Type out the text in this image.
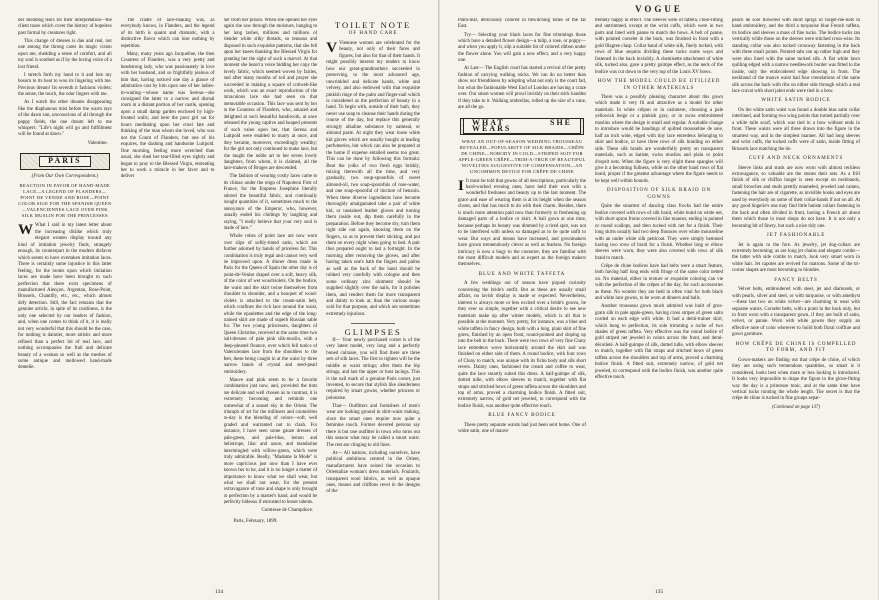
der shedding tears for their interpretation—the client taxes which cover the history of hopeless past formal by creatures right.

This change of dresses is due and real, not one among the throng cares its magic vision upon me, shedding a sense of comfort, and all my soul is soothed as if by the loving voice of a lost friend.

I stretch forth my hand to it and lure my bosom to its heat to woo its lingering with me. Precious dream! Its seventh it fashions violets; the sense, the touch, the odor lingers with me.

As I watch the other dreams disappearing like the diaphanous mist before the warm rays of the dawn sun, unconscious of all through the poppy fields, the one dream left to me whispers: "Life's night will go and fulfillment will be found at dawn."

Valentine.
PARIS
(From Our Own Correspondent.)
REACTION IN FAVOR OF HAND-MADE LACE—A LEGEND OF FLANDERS—POINT DE VENISE AND ROSE—POINT COLOR SIGE FOR THE SPANISH QUEEN—VALENCIENNES LACE OVER PINK SILK MUSLIN FOR THE PRINCESSES

W What I said in my latest letter about the increasing dislike which truly elegant women display toward any kind of imitation jewelry finds, strangely enough, its counterpart in the modern disfavor which seems to have overtaken imitation laces. There is certainly some injustice in this latter feeling, for the looms upon which imitation laces are made have been brought to such perfection that there exist specimens of manufactured Alençon, Argentan, Rose-Point, Brussels, Chantilly, etc., etc., which almost defy detection. Still, the fact remains that the genuine article, in spite of its costliness, is the only one selected by our leaders of fashion, and, when one comes to think of it, it is really not very wonderful that this should be the case, for nothing is daintier, more artistic and more refined than a perfect bit of real lace, and nothing accompanies the frail and delicate beauty of a woman so well as the meshes of some antique and mellowed hand-made dentelle.

The cradle of lace-making was, as everybody knows, in Flanders, and the legend of its birth is quaint and dramatic, with a distinctive flavor which can lose nothing by repetition.

Many, many years ago Jacqueline, the then Countess of Flanders, was a very pretty and headstrong lady, who was passionately in love with her husband, and so frightfully jealous of him that, having noticed one day a glance of admiration cast by him upon one of her ladies-in-waiting—whose name was Serena—she consigned the latter to a narrow and dismal room in a distant portion of her castle, opening upon a small damp garden enclosed by high-fronted walls; and here the poor girl sat for hours meditating upon her cruel fate and thinking of the man whom she loved, who was not the Count of Flanders, but one of his esquires, the dashing and handsome Luitpold. One morning, feeling more wretched than usual, she shed her tear-filled eyes rightly and began to pray to the Blessed Virgin, entreating her to work a miracle in her favor and to deliver

her from her prison. When she opened her eyes again she saw through the moisture, hanging to her long lashes, millions and millions of slender white silky threads, so tenuous and disposed in such exquisite patterns, that she fell upon her knees thanking the Blessed Virgin for granting her the sight of such a marvel. At that moment she heard a voice bidding her copy the lovely fabric, which seemed woven by fairies, and after many months of toil and prayer she succeeded in making a square of cobweb-like work, which was an exact reproduction of the miraculous lace she had seen on that memorable occasion. This lace was sent by her to the Countess of Flanders, who, amazed and delighted at such beautiful handiwork, at once released the young captive and heaped presents of such value upon her, that Serena and Luitpold were enabled to marry at once, and they became, moreover, exceedingly wealthy; for the girl not only continued to make lace, but she taught the noble art to her seven lovely daughters, from whom, it is claimed, all the lace-makers of Bruges are descended.

The fashion of wearing costly laces came to its climax under the reign of Napoleon First of France, for the Empress Josephine literally adored the beautiful fabric, and continually bought quantities of it, sometimes much to the annoyance of the Emperor, who, however, usually ended his chidings by laughing and saying, "I really believe that your very soul is made of lace."

Whole robes of point lace are now worn over slips of softly-tinted satin, which are further adorned by bands of priceless fur. This combination is truly regal and cannot very well be improved upon. A dinner dress made in Paris for the Queen of Spain the other day is of point-de-Venise draped over a soft, heavy silk, of the color of wet woodviolets. On the bodice, the waist and the skirt twine themselves from shoulder to shoulder, and a bouquet of wood-violets is attached to the cream-satin belt, which confines the rich lace around the waist, while the epaulettes and the edge of the long-trained skirt are made of superb Russian sable fur. The two young princesses, daughters of Queen Christine, received at the same time two ball-dresses of pale pink silk-muslin, with a deep-pleated flounce, over which fell tunics of Valenciennes lace from the shoulders to the feet, these being caught in at the waist by three narrow bands of crystal and seed-pearl embroidery.

Mauve and pink seem to be a favorite combination just now, and, provided the tints are delicate and well chosen as to contrast, it is extremely becoming and reminds one somewhat of a sunset sky in the Orient. The triumph of art for the milliners and couturières to-day is the blending of colors—soft, well graded and warranted not to clash. For instance, I have seen some gauze dresses of pale-green, and pale-blue, lemon and heliotrope, lilac and azure, and mandarine intermingled with willow-green, which were truly admirable. Really, "Madame la Mode" is more capricious just now than I have ever known her to be, and it is no longer a matter of importance to know what we shall wear, but what we shall not wear, for the present extravagance of tone and shape is only brought to perfection by a master's hand, and would be perfectly hideous if entrusted to lesser talents.

Comtesse de Champdoce.
Paris, February, 1899.
TOILET NOTE
OF HAND CARE

V Viennese women are celebrated for the beauty, not only of their faces and figures, but also for that of their hands. It might possibly interest my readers to know how our great-grandmothers succeeded in preserving, to the most advanced age, unwrinkled and delicate hands, white and velvety, and also endowed with that exquisite pinkish tinge of the palm and finger-nail which is considered as the perfection of beauty in a hand. To begin with, outside of their bath, they never use soap to cleanse their hands during the course of the day, but replace this generally strongly alkaline substance by oatmeal, or almond paste. At night they wear loose white kid gloves which are usually bought at leading perfumeries, but which can also be prepared at the home if expense entailed seems too great. This can be done by following this formula: Beat the yolks of two fresh eggs briskly, mixing therewith all the time, and very gradually, two soup-spoonfuls of sweet almond-oil, two soup-spoonfuls of rose-water, and one soup-spoonful of tincture of benzoin. When these diverse ingredients have become thoroughly amalgamated take a pair of white kid, or unstained leather gloves and turning them inside out, dip them carefully in the preparation. Before they become dry, turn them right side out again, knowing them on the fingers, so as to prevent their sticking, and put them on every night when going to bed. A pair thus prepared ought to last a fortnight. In the morning after removing the gloves, and after having taken one's bath the fingers and palms as well as the back of the hand should be rubbed very carefully with cologne and then some ordinary zinc ointment should be supplied slightly over the nails, for it polishes them, and renders them far more transparent and dainty to look at, than the various soaps sold for that purpose, and which are sometimes extremely injurious.

GLIMPSES

If— Your newly purchased corset is of the very latest model, very long and a perfectly boned cuirasse, you will find there are three sets of silk laces. The first to tighten will be the middle or waist strings; after them the hip strings, and last the upper or bust lacings. This is the nail mark of a genuine Paris corset, just invented, to secure that stylish like slenderness required by smart gowns, whether princess or polonaise.

That— Outfitters and furnishers of men's wear are looking ground in shirt-waist making, since the smart ones require now quite a feminine touch. Former devoted persons say there is but one outfitter in town who turns out this season what may be called a smart waist. The rest are clinging to old lines.

At— All nations, including ourselves, have political ambitions centred in the Orient, manufacturers have seized the occasion to Orientalize woman's dress materials. Foulards, transparent wool fabrics, as well as opaque ones, tissues and chiffons revel in the designs of the

134
VOGUE

Palm-leaf, deliciously colored in bewitching tones of the far East.

Try— Selecting your black laces for fine trimmings those which have a detailed flower design—a tulip, a rose, or poppy—and when you apply it, slip a suitable bit of colored ribbon under the flower alone. You will gain a new effect, and a very happy one.

At Last— The English court has started a revival of the pretty fashion of carrying walking sticks. We can do no better than show our friendliness by adopting what not only is the court fad, but what the fashionable West End of London are having a craze over. Our smart women will prowl lavishly on their stick handles if they take to it. Walking umbrellas, rolled up the size of a cane, are all the go.

WHAT SHE WEARS
WHAT AN OUT-OF-SEASON WEDDING TROUSSEAU REVEALED—POPULARITY OF SILK BRAIDS—CRÊPE DE CHINE—NOBODY IN COLD—STRIPED SUIT FOR APPLE-GREEN CRÊPE—TRIM-A-TRUB OF BEAUTIFUL NOVELTIES SUGGESTIVE OF COMPENSATION—AN UNCOMMON DEVICE FOR CRÊPE DE CHINE

I It must be told that gowns of all descriptions, particularly the hard-worked evening ones, have held their own with a wonderful freshness and beauty up to the last moment. The grace and ease of wearing them is at its height when the season closes, and that has much to do with their charm. Besides, there is much more attention paid now than formerly to freshening up damaged parts of a bodice or skirt. A ball gown at one time, because perhaps its beauty was dimmed by a tired spot, was not to be interfered with unless so damaged as to be quite unfit to wear. But ways and means have increased, and gownmakers have grown tremendously clever as well as fearless. No foreign intricacy is now a bogy to the couturier, they are familiar with the most difficult models and as expert as the foreign makers themselves.

BLUE AND WHITE TAFFETA

A few weddings out of season have piqued curiosity concerning the bride's outfit. But as these are usually small affairs, no lavish display is made or expected. Nevertheless, interest is always more or less excited over a bride's gowns, be they ever so simple, together with a critical desire to see new materials make up after winter models, which is all that is possible at the moment. Very pretty, for instance, was a blue and white taffeta in fancy design, built with a long, plain skirt of fine gores, finished by an open front, round-pointed and sloping up into the belt in the back. There were two rows of very fine Cluny lace entredeux wove horizontally around the skirt and was finished on either side of them. A round bodice, with four rows of Cluny to match, was unique with its fichu body and silk short revers. Dainty ones, fashioned the cream and coffee to wear, quite the lace smartly suited this dress. A half-guimpe of silk, dotted tulle, with elbow sleeves to match, together with flat straps and stitched bows of green taffeta across the shoulders and top of arms, proved a charming bodice finish. A fitted suit, extremely narrow, of gold net jeweled, to correspond with the bodice finish, was another quite effective touch.

BLUE FANCY BODICE

These pretty separate waists had just been sent home. One of white satin, one of mauve

tremely happy in effect. The sleeves were of taffeta, close-fitting and untrimmed, except at the wrist cuffs, which were in two parts and lined with panne to match the bows. A belt of panne, with pointed corselet in the back, was finished in front with a gold filagree clasp. Collar band of white silk, finely tucked, with rows of blue sequins dividing these tucks some ways and fastened in the back invisibly. A chemisette attachment of white silk, tucked also, gave a pretty guimpe effect, as the neck of the bodice was cut down to the very top of the Louis XV bows.

HOW THE MODEL COULD BE UTILIZED IN OTHER MATERIALS

There was a possibly pleasing character about this gown which made it very fit and attractive as a model for other materials. In white crêpon or in cashmere, choosing a pale yellowish beige or a pinkish gray, or in swiss embroidered muslins where the design is small and regular. A suitable change to introduce would be bandings of quilted mousseline de soie, half an inch wide, edged with tiny lace entredeux belonging to skirt and bodice, or have three rows of silk braiding on either side. These silk braids are wonderfully pretty on transparent materials, such as batiste, swiss muslins and plain or point d'esprit nets. When the figure is very slight these spangles will give it a becoming fullness, while on the other hand rows of flat braid, proper if the greatest advantage where the figure needs to be kept well within bounds.

DISPOSITION OF SILK BRAID ON GOWNS

Quite the smartest of dancing class frocks had the entire bodice covered with rows of silk braid, white braid on white net, with short apron fronts covered in like manner, ending in pointed or round scallops, and then tucked with net for a finish. Their long skirts usually had two deep flounces over white mousseline with an under white silk petticoat. They were simply hemmed having two rows of braid for a finish. Whether long or elbow sleeves were worn, they were also covered with rows of silk braid to match.

Crêpe de chine bodices have had belts were a smart feature, both having half long ends with fringe of the same color netted on. No material, either in texture or exquisite coloring can vie with the perfection of the crêpes of the day, for such accessories as these. No wonder they are held in often vital for both black and white lace gowns, to be worn at dinners and balls.

Another trousseau gown much admired was built of gros-grain silk in pale apple-green, having cross stripes of green satin corded on each edge with white. It had a demi-trainer skirt, which hung to perfection, its sole trimming a ruche of two shades of green taffeta. Very effective was the round bodice of gold striped net jeweled in colors across the front, and demi-décolleté. A half-guimpe of silk, dotted tulle, with elbow sleeves to match, together with flat straps and stitched bows of green taffeta across the shoulders and top of arms, proved a charming bodice finish. A fitted suit, extremely narrow, of gold net jeweled, to correspond with the bodice finish, was another quite effective touch.

peach de soie flowered with short sprigs of forget-me-nots in hand embroidery, and the third a turquoise blue French taffeta, its bodice and sleeves a mass of fine tucks. The bodice tucks ran vertically while those on the sleeves were stitched cross-wise. Its standing collar was also tucked crossway fastening in the back with three small points. Pointed tabs ran up rather high and they were also lined with the same tucked silk. A flat white lawn quilling edged with a narrow needlework border was fitted to the inside, only the embroidered edge showing in front. The neckband of the mauve waist had four crenelations of the same silk across the back with ribs on either side through which a real lace cravat with short jabot ends were tied in a bow.

WHITE SATIN BODICE

On the white satin waist was found a double bias satin collar interlined, and forming two wing points that turned partially over a white tulle scarf, which was tied in a bow without ends in front. These waists were all three drawn into the figure in the smartest way, and in the simplest manner. All had long sleeves and wrist cuffs, the tucked cuffs were of satin, inside fitting of Brussels lace matching the tie.

CUFF AND NECK ORNAMENTS

Sleeve links and studs are now worn with almost reckless extravagance, so valuable are the stones their sets. As a frill finish of silk or chiffon longer is seen except on neckbands, small brooches and studs prettily enameled, jeweled and cameo, fastening the hair are of cigarette, as invisible hooks and eyes are used by everybody on some of their collar-bands if not on all. At any good lingerie's one may find little batiste collars fastening in the back and often divided in front, having a French air about them which those in most shops do not have. It is not only a becoming bit of finery, but such a nice tidy one.

JET FASHIONABLE

Jet is again to the fore. As jewelry, jet dog-collars are extremely becoming; as are long jet chains and elegant combs—the latter with side combs to match, look very smart worn in white hair. Jet capotes are revived for matrons. Some of the tri-corner shapes are most becoming to blondes.

FANCY BELTS

Velvet belts, embroidered with steel, jet and diamonds, or with pearls, silver and steel, or with turquoise, or with amethyst—these last two on white velvet—are charming to wear with separate waists. Corselet belts, with a point in the back only, but in front worn with a transparent gown, if they are built of satin, velvet, or panne. Worn with white gowns they supply an effective note of color wherever to build both floral coiffure and gown garniture.

HOW CRÊPE DE CHINE IS COMPELLED TO FORM, AND FIT

Gown-makers are finding out that crêpe de chine, of which they are using such tremendous quantities, so smart is it considered, looks best when more or less looking is introduced. It looks very impossible to drape the figure in the glove-fitting way the day is a princesse tunic, and at the same time have vertical tucks running the whole length. The secret is that the crêpe de chine is tucked in fine groups separ-

(Continued on page 137)
135
